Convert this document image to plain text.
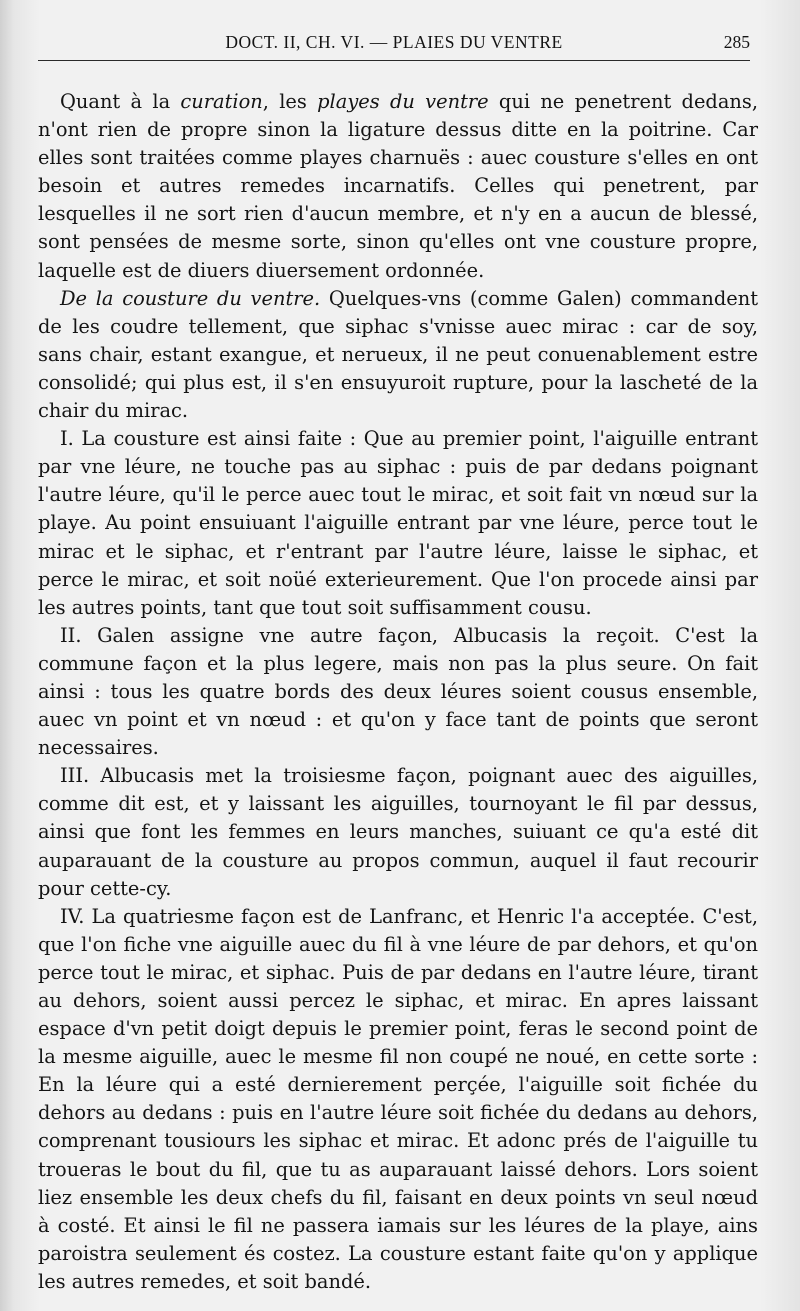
DOCT. II, CH. VI. — PLAIES DU VENTRE	285

Quant à la curation, les playes du ventre qui ne penetrent dedans, n'ont rien de propre sinon la ligature dessus ditte en la poitrine. Car elles sont traitées comme playes charnuës : auec cousture s'elles en ont besoin et autres remedes incarnatifs. Celles qui penetrent, par lesquelles il ne sort rien d'aucun membre, et n'y en a aucun de blessé, sont pensées de mesme sorte, sinon qu'elles ont vne cousture propre, laquelle est de diuers diuersement ordonnée.

De la cousture du ventre. Quelques-vns (comme Galen) commandent de les coudre tellement, que siphac s'vnisse auec mirac : car de soy, sans chair, estant exangue, et nerueux, il ne peut conuenablement estre consolidé; qui plus est, il s'en ensuyuroit rupture, pour la lascheté de la chair du mirac.

I. La cousture est ainsi faite : Que au premier point, l'aiguille entrant par vne léure, ne touche pas au siphac : puis de par dedans poignant l'autre léure, qu'il le perce auec tout le mirac, et soit fait vn nœud sur la playe. Au point ensuiuant l'aiguille entrant par vne léure, perce tout le mirac et le siphac, et r'entrant par l'autre léure, laisse le siphac, et perce le mirac, et soit noüé exterieurement. Que l'on procede ainsi par les autres points, tant que tout soit suffisamment cousu.

II. Galen assigne vne autre façon, Albucasis la reçoit. C'est la commune façon et la plus legere, mais non pas la plus seure. On fait ainsi : tous les quatre bords des deux léures soient cousus ensemble, auec vn point et vn nœud : et qu'on y face tant de points que seront necessaires.

III. Albucasis met la troisiesme façon, poignant auec des aiguilles, comme dit est, et y laissant les aiguilles, tournoyant le fil par dessus, ainsi que font les femmes en leurs manches, suiuant ce qu'a esté dit auparauant de la cousture au propos commun, auquel il faut recourir pour cette-cy.

IV. La quatriesme façon est de Lanfranc, et Henric l'a acceptée. C'est, que l'on fiche vne aiguille auec du fil à vne léure de par dehors, et qu'on perce tout le mirac, et siphac. Puis de par dedans en l'autre léure, tirant au dehors, soient aussi percez le siphac, et mirac. En apres laissant espace d'vn petit doigt depuis le premier point, feras le second point de la mesme aiguille, auec le mesme fil non coupé ne noué, en cette sorte : En la léure qui a esté dernierement perçée, l'aiguille soit fichée du dehors au dedans : puis en l'autre léure soit fichée du dedans au dehors, comprenant tousiours les siphac et mirac. Et adonc prés de l'aiguille tu troueras le bout du fil, que tu as auparauant laissé dehors. Lors soient liez ensemble les deux chefs du fil, faisant en deux points vn seul nœud à costé. Et ainsi le fil ne passera iamais sur les léures de la playe, ains paroistra seulement és costez. La cousture estant faite qu'on y applique les autres remedes, et soit bandé.
